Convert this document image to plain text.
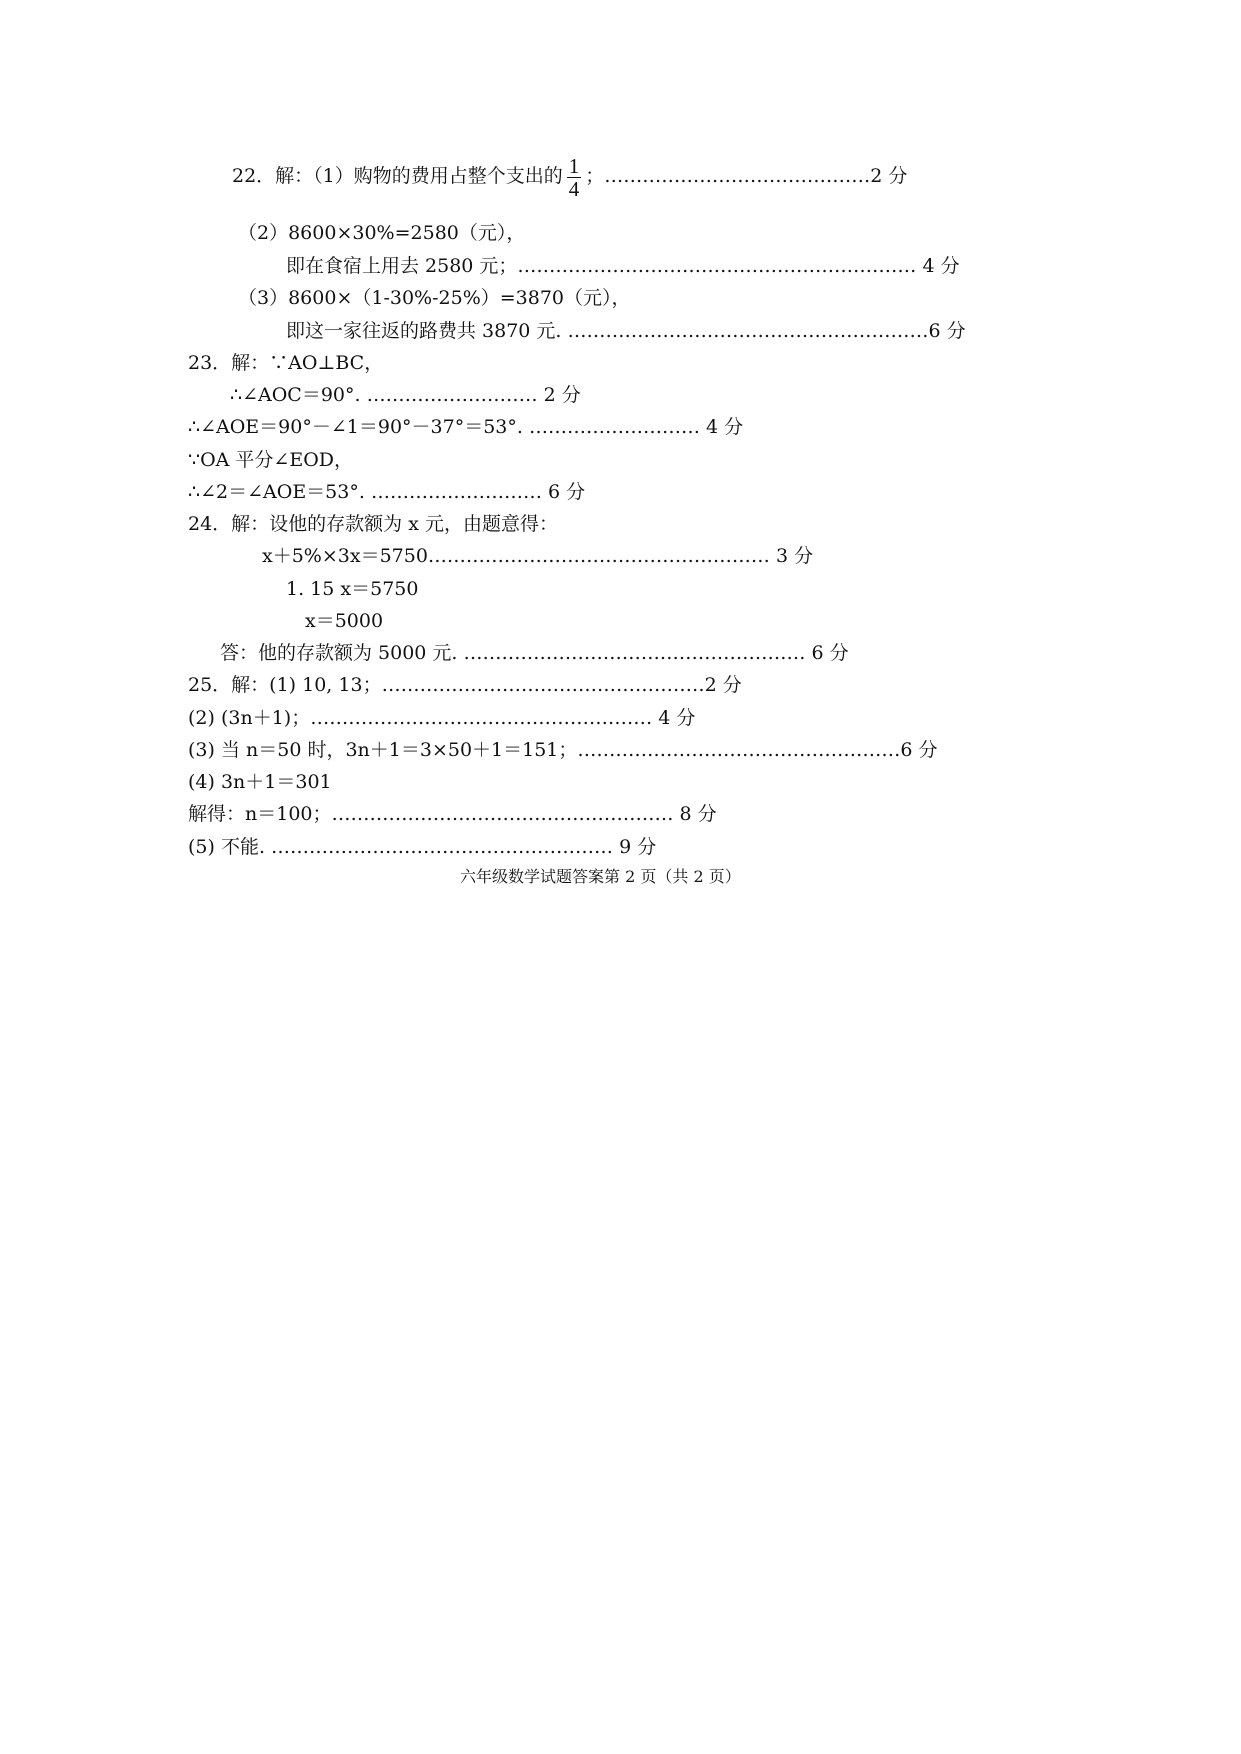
22．解：（1）购物的费用占整个支出的 $\frac{1}{4}$ ；……………………………………2 分
（2）8600×30%=2580（元），
即在食宿上用去 2580 元；……………………………………………………… 4 分
（3）8600×（1-30%-25%）=3870（元），
即这一家往返的路费共 3870 元. …………………………………………………6 分
23．解：∵AO⊥BC，
∴∠AOC＝90°. ……………………… 2 分
∴∠AOE＝90°－∠1＝90°－37°＝53°. ……………………… 4 分
∵OA 平分∠EOD，
∴∠2＝∠AOE＝53°. ……………………… 6 分
24．解：设他的存款额为 x 元，由题意得：
x＋5%×3x＝5750……………………………………………… 3 分
1. 15 x＝5750
x＝5000
答：他的存款额为 5000 元. ……………………………………………… 6 分
25．解：(1) 10, 13；……………………………………………2 分
(2) (3n＋1)；……………………………………………… 4 分
(3) 当 n＝50 时，3n＋1＝3×50＋1＝151；……………………………………………6 分
(4) 3n＋1＝301
解得：n＝100；……………………………………………… 8 分
(5) 不能. ……………………………………………… 9 分
六年级数学试题答案第 2 页（共 2 页）
